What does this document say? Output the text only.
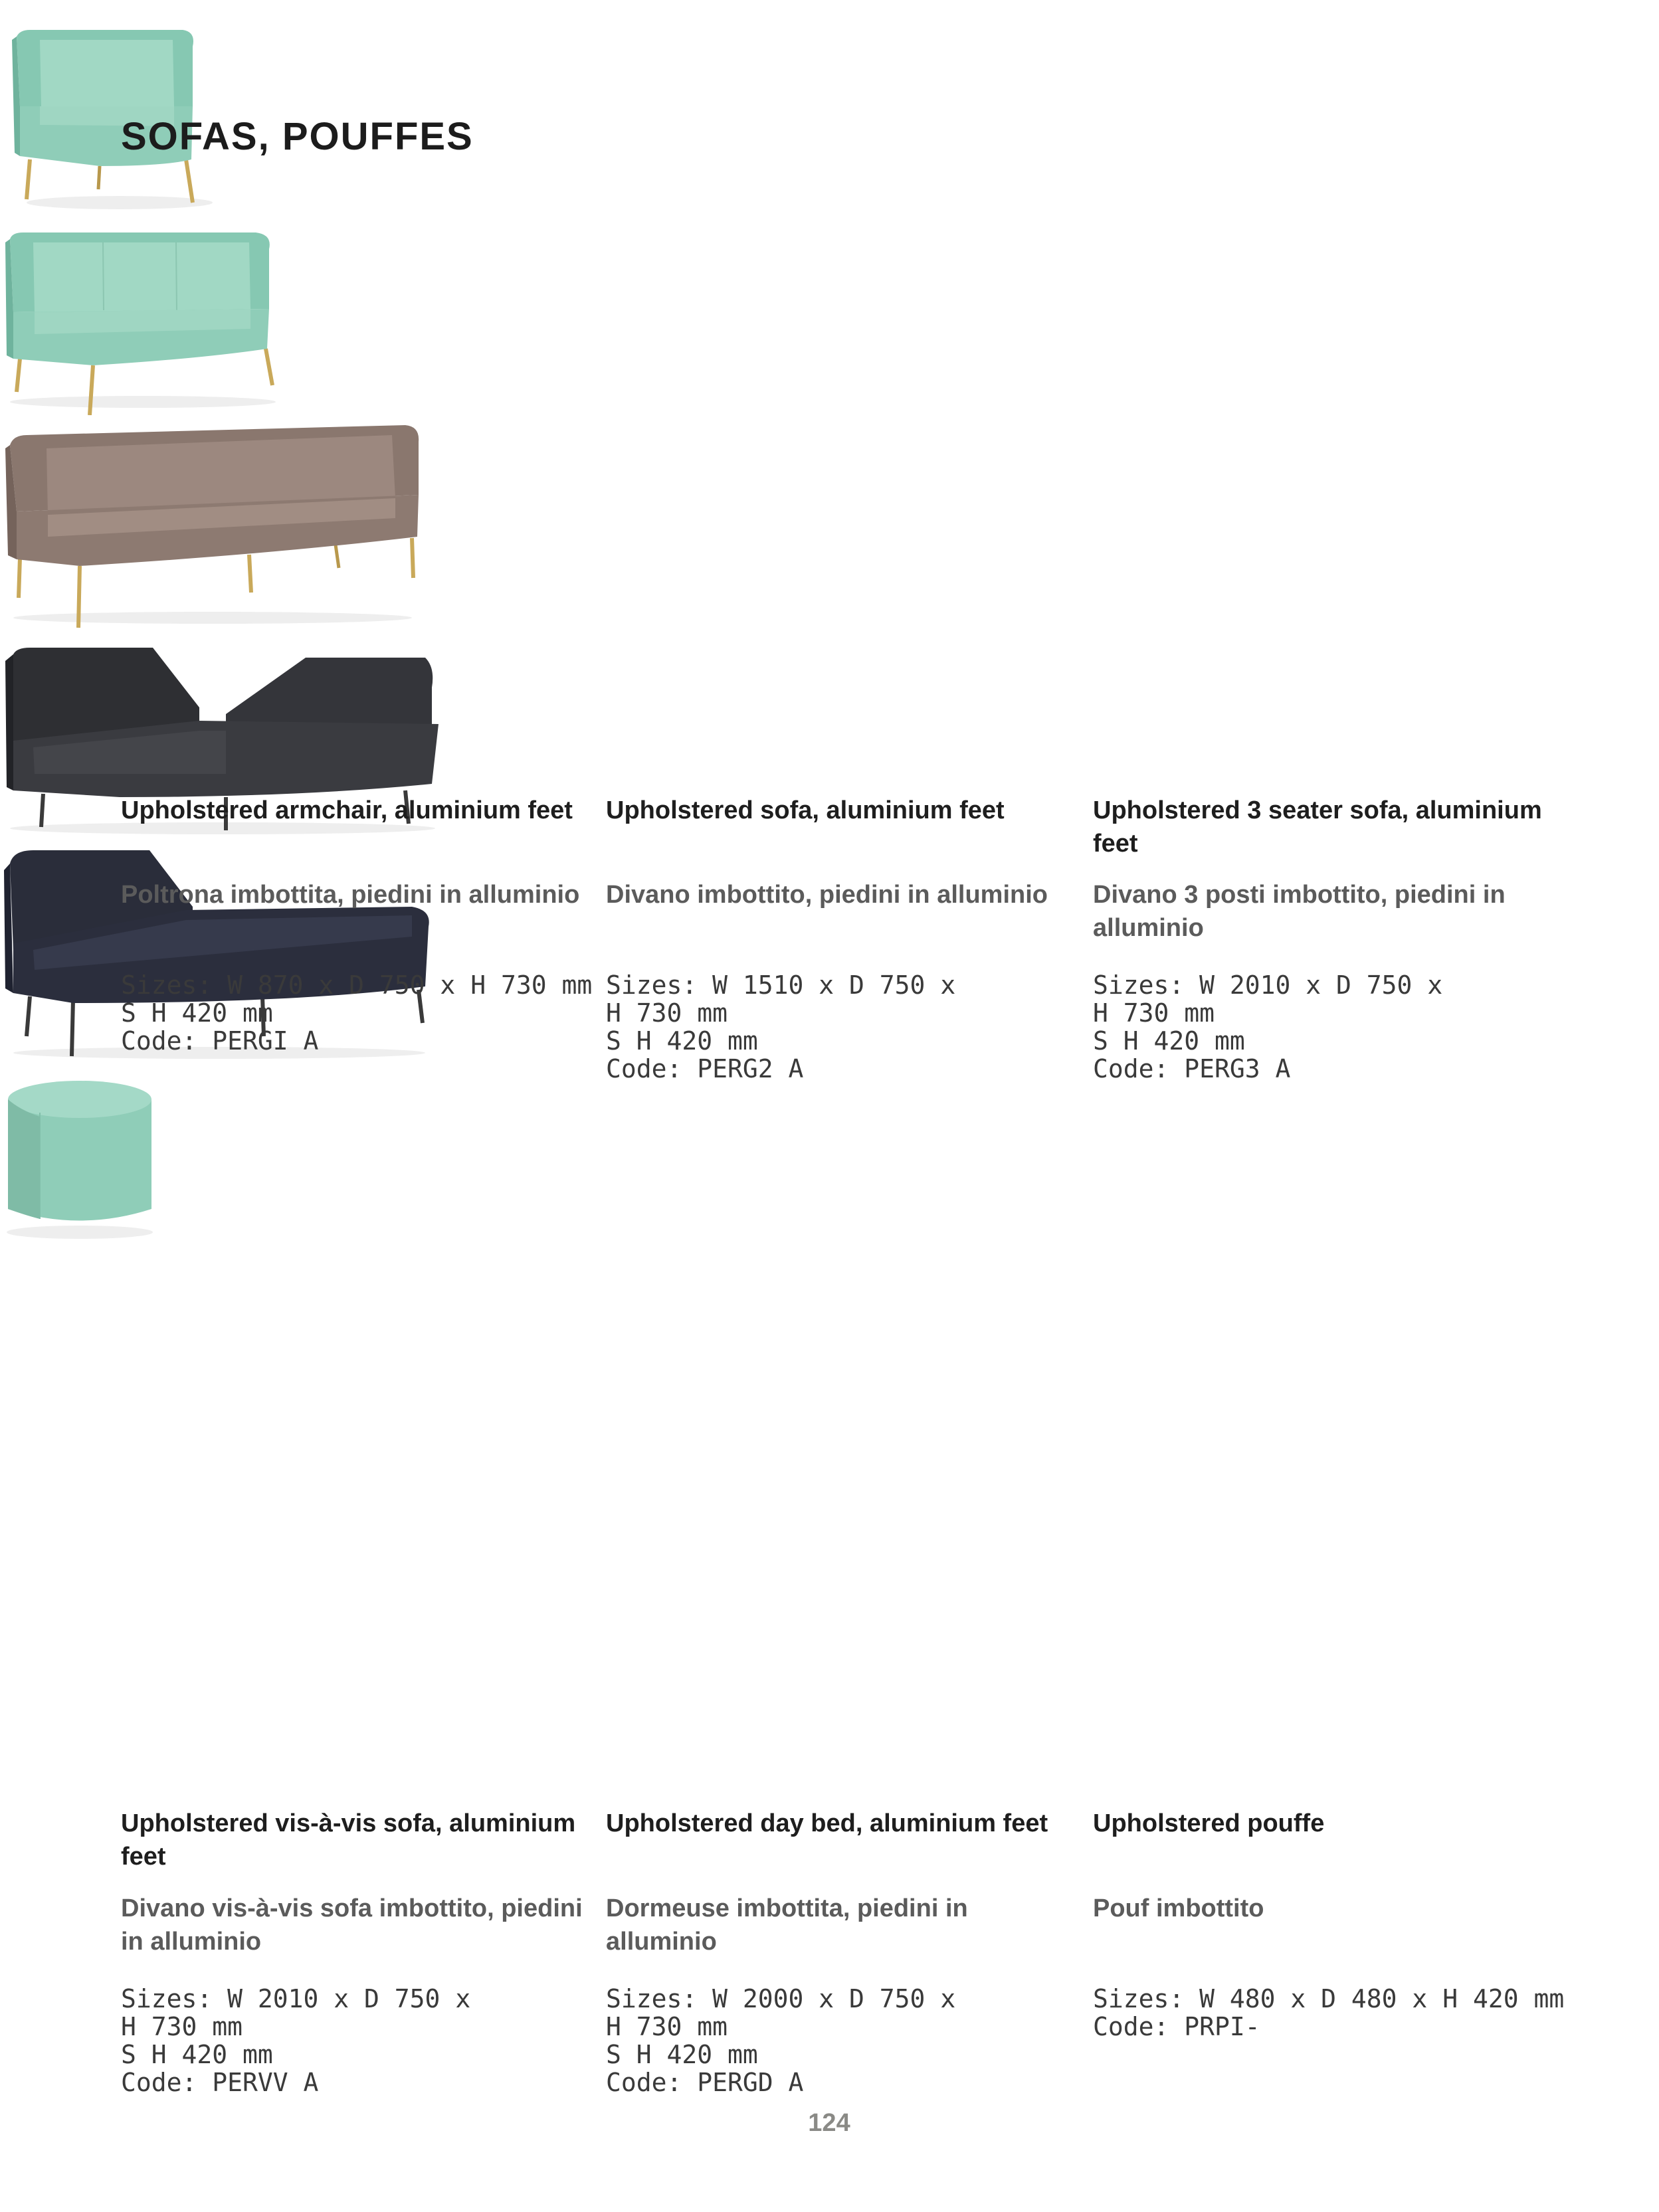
SOFAS, POUFFES

Upholstered armchair, aluminium feet

Poltrona imbottita, piedini in alluminio

Sizes: W 870 x D 750 x H 730 mm
S H 420 mm
Code: PERGI A

Upholstered sofa, aluminium feet

Divano imbottito, piedini in alluminio

Sizes: W 1510 x D 750 x
H 730 mm
S H 420 mm
Code: PERG2 A

Upholstered 3 seater sofa, aluminium feet

Divano 3 posti imbottito, piedini in alluminio

Sizes: W 2010 x D 750 x
H 730 mm
S H 420 mm
Code: PERG3 A

Upholstered vis-à-vis sofa, aluminium feet

Divano vis-à-vis sofa imbottito, piedini in alluminio

Sizes: W 2010 x D 750 x
H 730 mm
S H 420 mm
Code: PERVV A

Upholstered day bed, aluminium feet

Dormeuse imbottita, piedini in alluminio

Sizes: W 2000 x D 750 x
H 730 mm
S H 420 mm
Code: PERGD A

Upholstered pouffe

Pouf imbottito

Sizes: W 480 x D 480 x H 420 mm
Code: PRPI-
124
